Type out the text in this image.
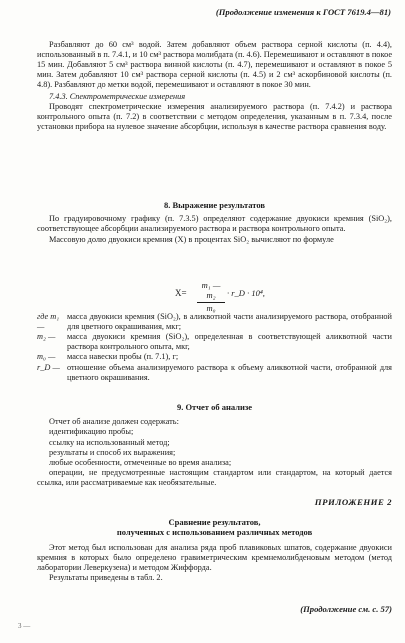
(Продолжение изменения к ГОСТ 7619.4—81)

Разбавляют до 60 см³ водой. Затем добавляют объем раствора серной кислоты (п. 4.4), использованный в п. 7.4.1, и 10 см³ раствора молибдата (п. 4.6). Перемешивают и оставляют в покое 15 мин. Добавляют 5 см³ раствора винной кислоты (п. 4.7), перемешивают и оставляют в покое 5 мин. Затем добавляют 10 см³ раствора серной кислоты (п. 4.5) и 2 см³ аскорбиновой кислоты (п. 4.8). Разбавляют до метки водой, перемешивают и оставляют в покое 30 мин.

7.4.3. Спектрометрические измерения

Проводят спектрометрические измерения анализируемого раствора (п. 7.4.2) и раствора контрольного опыта (п. 7.2) в соответствии с методом определения, указанным в п. 7.3.4, после установки прибора на нулевое значение абсорбции, используя в качестве раствора сравнения воду.

8. Выражение результатов

По градуировочному графику (п. 7.3.5) определяют содержание двуокиси кремния (SiO₂), соответствующее абсорбции анализируемого раствора и раствора контрольного опыта.

Массовую долю двуокиси кремния (X) в процентах SiO₂ вычисляют по формуле

$X= \frac{\text{m₁ — m₂}}{\text{m₀}}$ · r_D · 10⁴,
где m₁ —
масса двуокиси кремния (SiO₂), в аликвотной части анализируемого раствора, отобранной для цветного окрашивания, мкг;
m₂ —	масса двуокиси кремния (SiO₂), определенная в соответствующей аликвотной части раствора контрольного опыта, мкг,
m₀ —	масса навески пробы (п. 7.1), г;
r_D — отношение объема анализируемого раствора к объему аликвотной части, отобранной для цветного окрашивания.

9. Отчет об анализе

Отчет об анализе должен содержать:

идентификацию пробы;

ссылку на использованный метод;

результаты и способ их выражения;

любые особенности, отмеченные во время анализа;

операции, не предусмотренные настоящим стандартом или стандартом, на который дается ссылка, или рассматриваемые как необязательные.

ПРИЛОЖЕНИЕ 2

Сравнение результатов,

полученных с использованием различных методов

Этот метод был использован для анализа ряда проб плавиковых шпатов, содержание двуокиси кремния в которых было определено гравиметрическим кремнемолибденовым методом (метод лаборатории Леверкузена) и методом Жиффорда.

Результаты приведены в табл. 2.

(Продолжение см. с. 57)
3 —
